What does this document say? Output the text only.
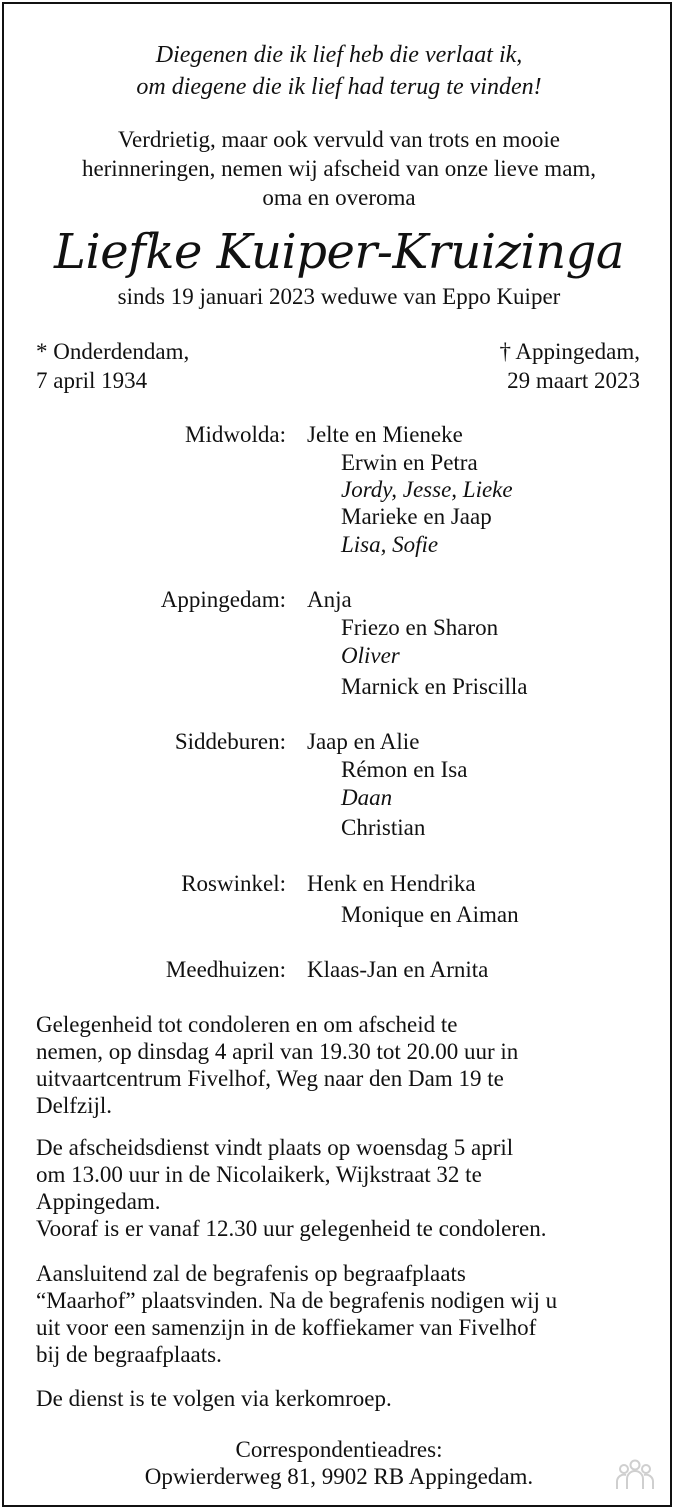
Diegenen die ik lief heb die verlaat ik,
om diegene die ik lief had terug te vinden!
Verdrietig, maar ook vervuld van trots en mooie
herinneringen, nemen wij afscheid van onze lieve mam,
oma en overoma
Liefke Kuiper-Kruizinga
sinds 19 januari 2023 weduwe van Eppo Kuiper
* Onderdendam,
7 april 1934
† Appingedam,
29 maart 2023
Midwolda: Jelte en Mieneke
Erwin en Petra
Jordy, Jesse, Lieke
Marieke en Jaap
Lisa, Sofie
Appingedam: Anja
Friezo en Sharon
Oliver
Marnick en Priscilla
Siddeburen: Jaap en Alie
Rémon en Isa
Daan
Christian
Roswinkel: Henk en Hendrika
Monique en Aiman
Meedhuizen: Klaas-Jan en Arnita
Gelegenheid tot condoleren en om afscheid te
nemen, op dinsdag 4 april van 19.30 tot 20.00 uur in
uitvaartcentrum Fivelhof, Weg naar den Dam 19 te
Delfzijl.
De afscheidsdienst vindt plaats op woensdag 5 april
om 13.00 uur in de Nicolaikerk, Wijkstraat 32 te
Appingedam.
Vooraf is er vanaf 12.30 uur gelegenheid te condoleren.
Aansluitend zal de begrafenis op begraafplaats
“Maarhof” plaatsvinden. Na de begrafenis nodigen wij u
uit voor een samenzijn in de koffiekamer van Fivelhof
bij de begraafplaats.
De dienst is te volgen via kerkomroep.
Correspondentieadres:
Opwierderweg 81, 9902 RB Appingedam.
